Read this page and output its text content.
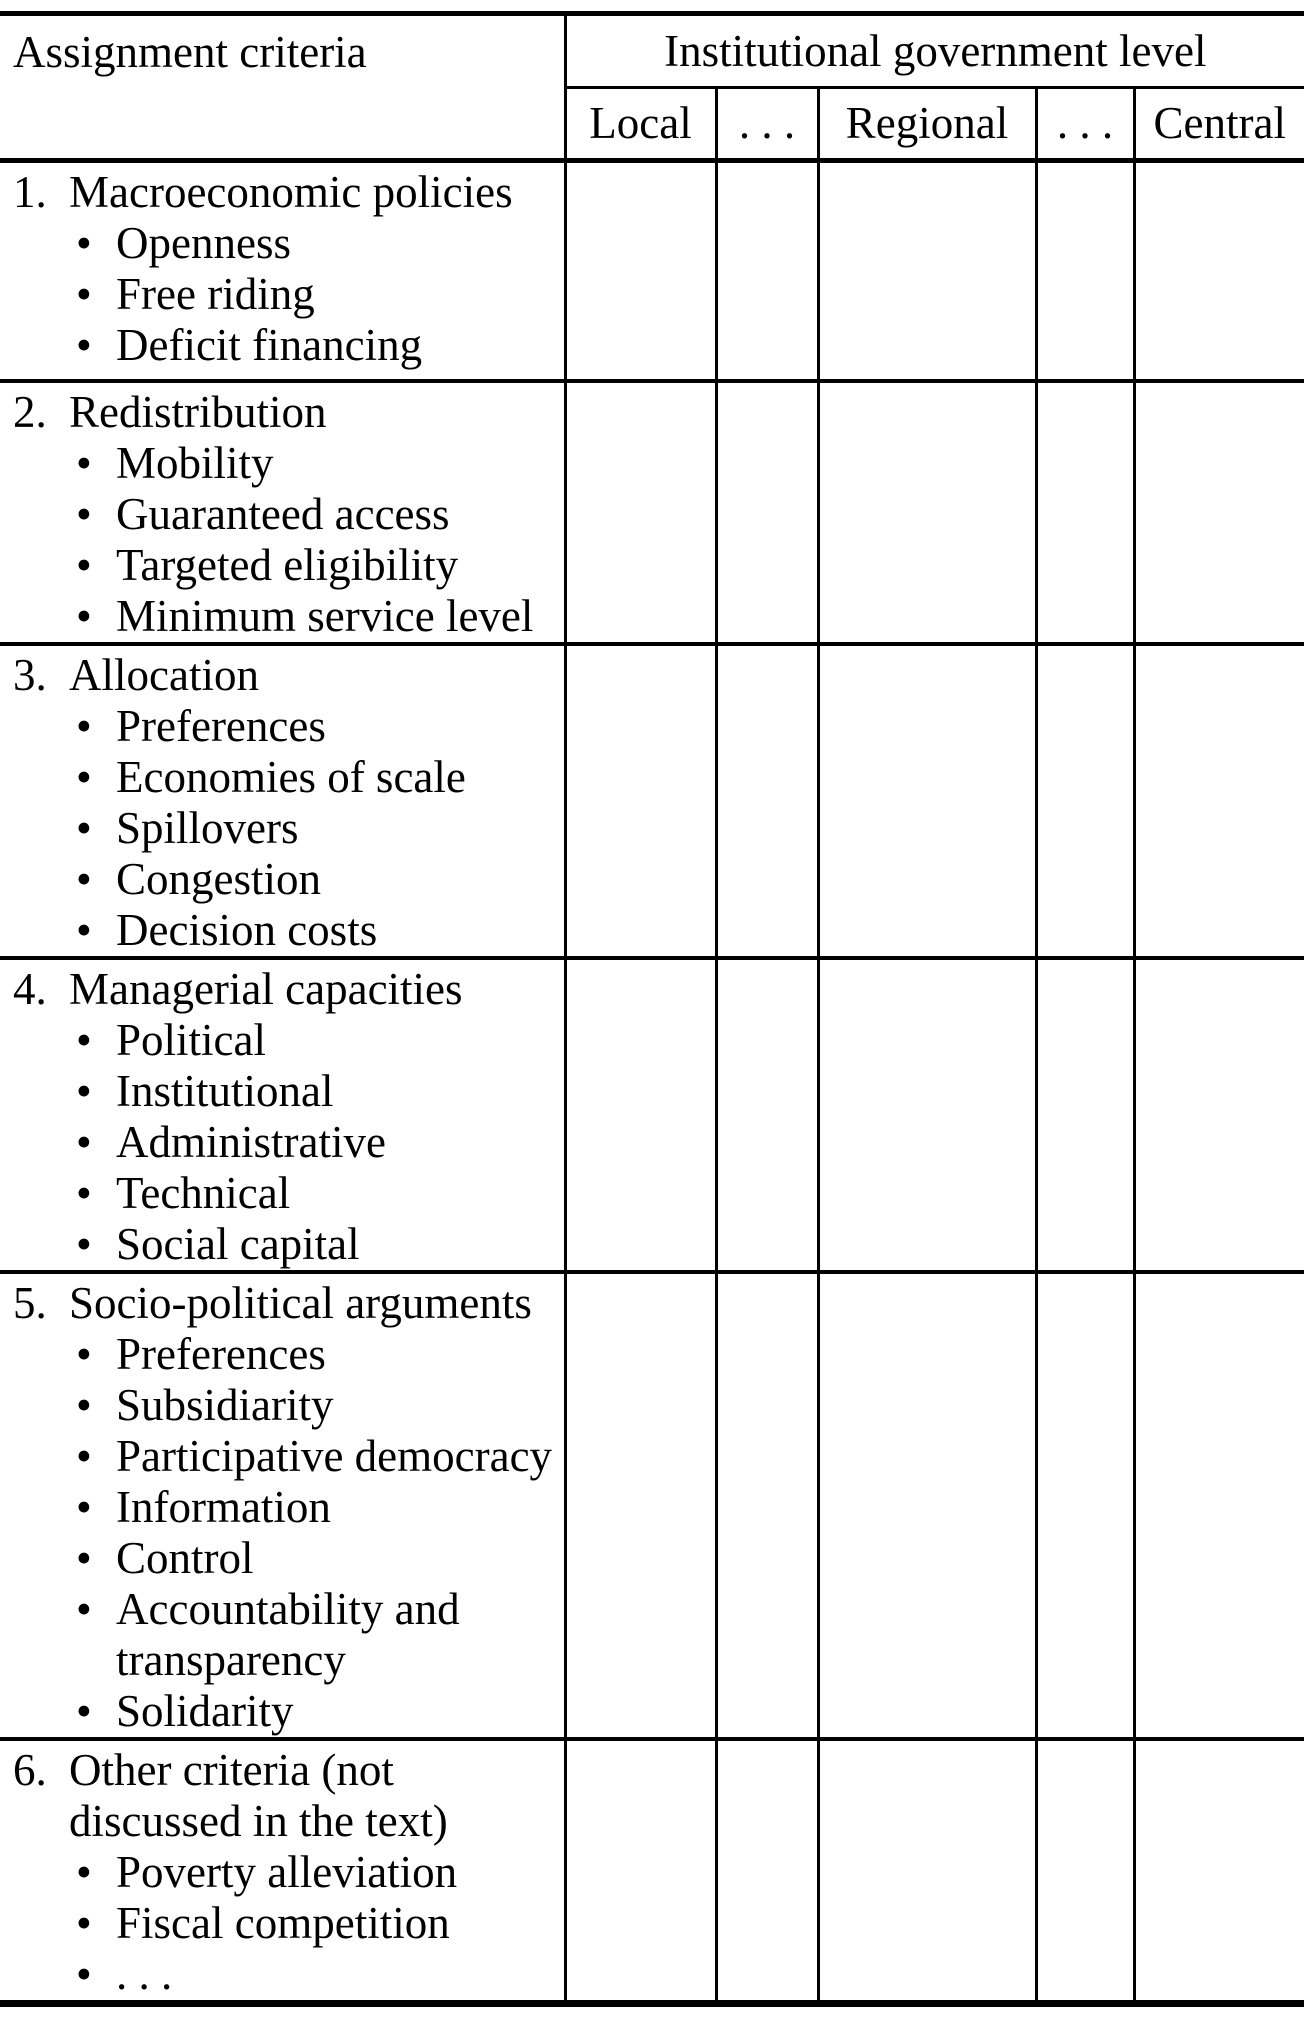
Assignment criteria	Institutional government level				
	Local	. . .	Regional	. . .	Central

1. Macroeconomic policies
• Openness
• Free riding
• Deficit financing

2. Redistribution
• Mobility
• Guaranteed access
• Targeted eligibility
• Minimum service level

3. Allocation
• Preferences
• Economies of scale
• Spillovers
• Congestion
• Decision costs

4. Managerial capacities
• Political
• Institutional
• Administrative
• Technical
• Social capital

5. Socio-political arguments
• Preferences
• Subsidiarity
• Participative democracy
• Information
• Control
• Accountability and
transparency
• Solidarity

6. Other criteria (not
discussed in the text)
• Poverty alleviation
• Fiscal competition
• . . .
